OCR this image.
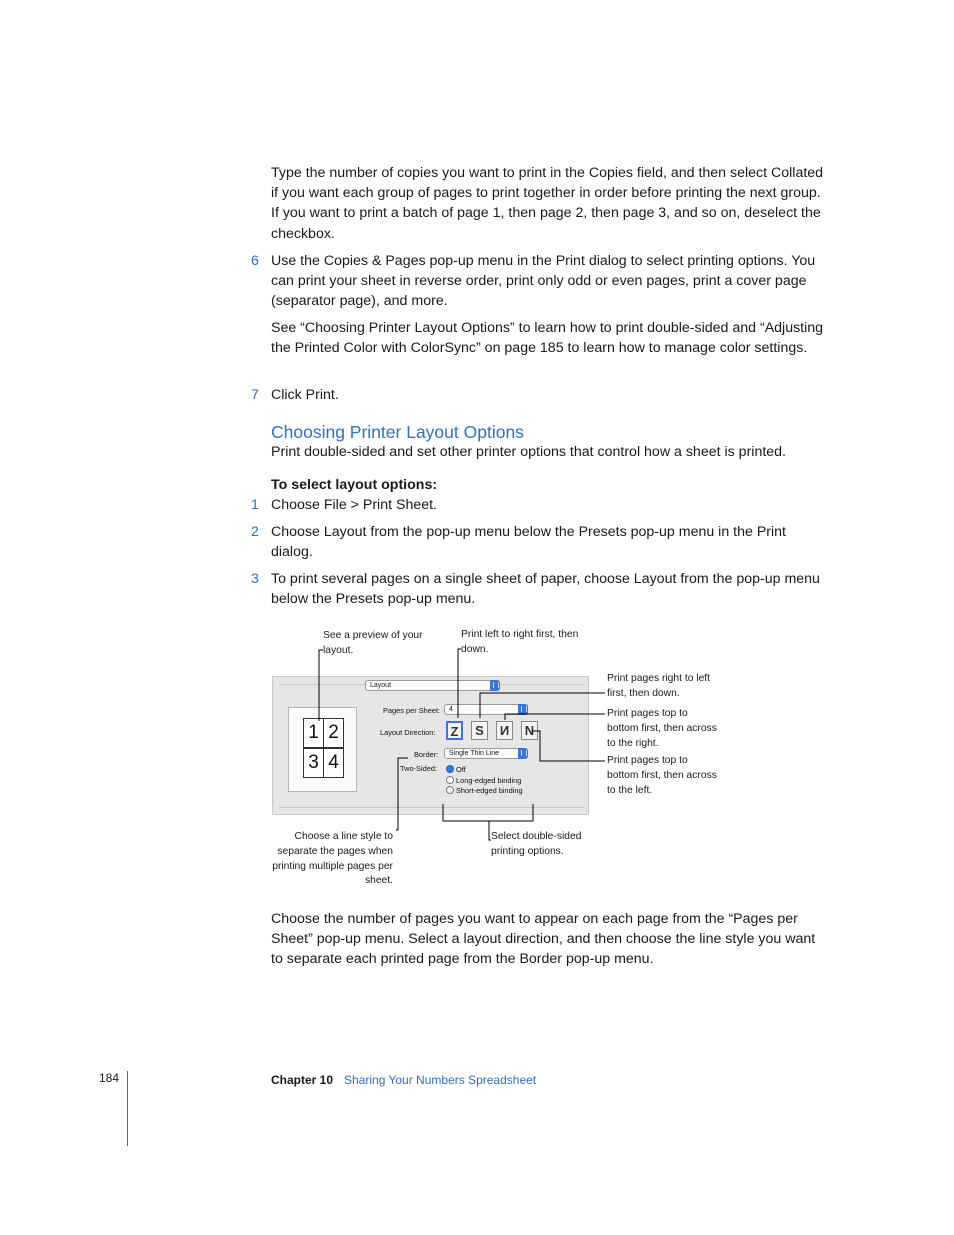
Type the number of copies you want to print in the Copies field, and then select Collated if you want each group of pages to print together in order before printing the next group. If you want to print a batch of page 1, then page 2, then page 3, and so on, deselect the checkbox.
6 Use the Copies & Pages pop-up menu in the Print dialog to select printing options. You can print your sheet in reverse order, print only odd or even pages, print a cover page (separator page), and more.
See “Choosing Printer Layout Options” to learn how to print double-sided and “Adjusting the Printed Color with ColorSync” on page 185 to learn how to manage color settings.
7 Click Print.
Choosing Printer Layout Options
Print double-sided and set other printer options that control how a sheet is printed.
To select layout options:
1 Choose File > Print Sheet.
2 Choose Layout from the pop-up menu below the Presets pop-up menu in the Print dialog.
3 To print several pages on a single sheet of paper, choose Layout from the pop-up menu below the Presets pop-up menu.
See a preview of your layout.
Print left to right first, then down.
Print pages right to left first, then down.
Print pages top to bottom first, then across to the right.
Print pages top to bottom first, then across to the left.
Choose a line style to separate the pages when printing multiple pages per sheet.
Select double-sided printing options.
Layout
1 2
3 4
Pages per Sheet:	4
Layout Direction:	Z	S	И N
Border:	Single Thin Line
Two-Sided:	Off
Long-edged binding
Short-edged binding
Choose the number of pages you want to appear on each page from the “Pages per Sheet” pop-up menu. Select a layout direction, and then choose the line style you want to separate each printed page from the Border pop-up menu.
184	Chapter 10 Sharing Your Numbers Spreadsheet
